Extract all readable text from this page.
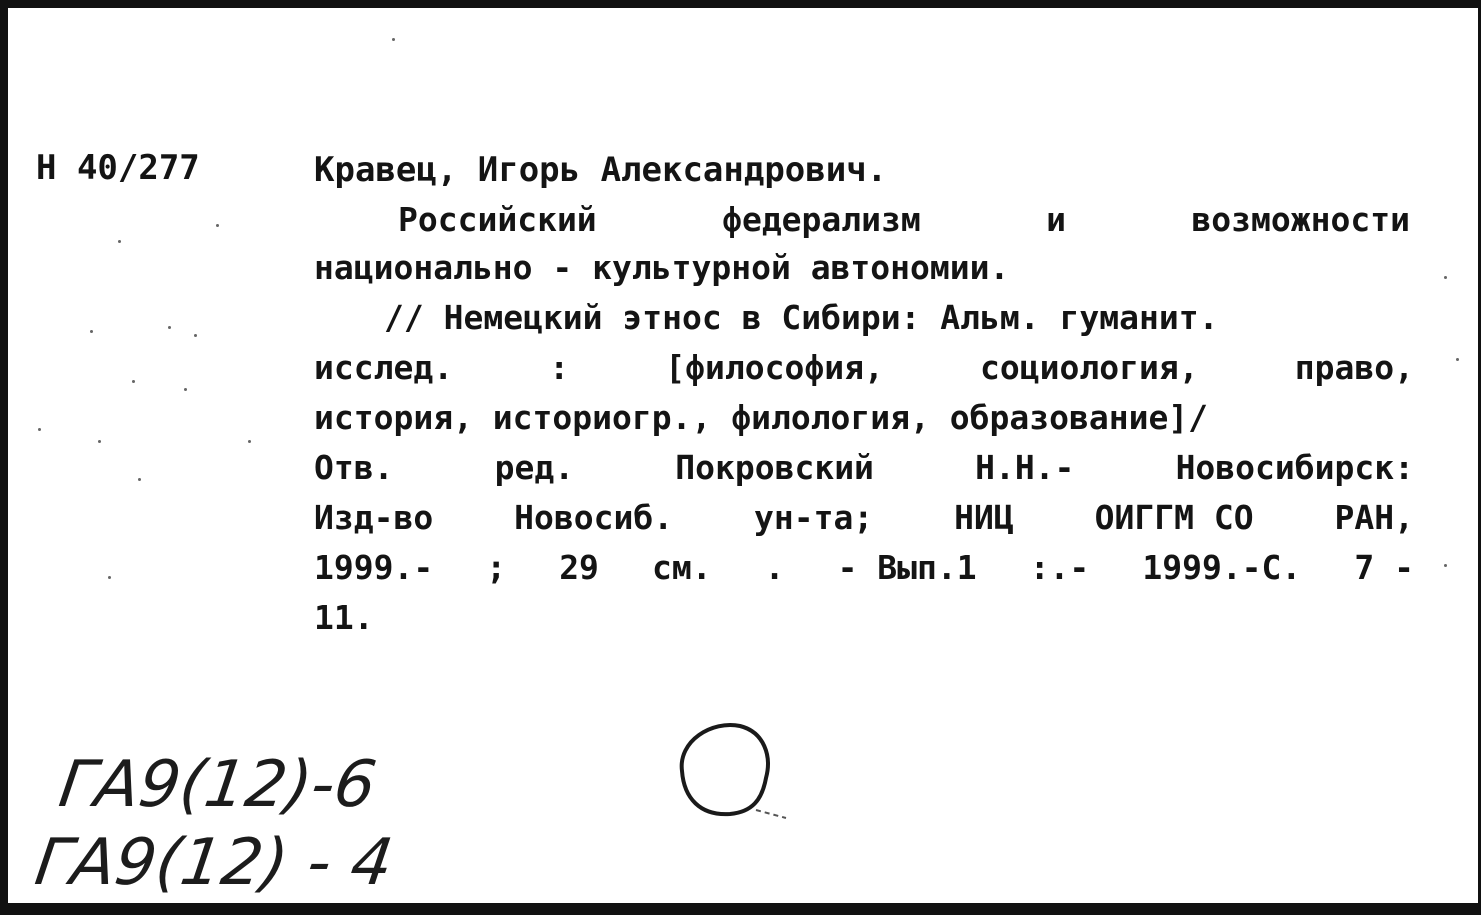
Н 40/277	Кравец, Игорь Александрович.
Российский	федерализм	и	возможности
национально - культурной автономии.
// Немецкий этнос в Сибири: Альм. гуманит.
исслед.	:	[философия,	социология,	право,
история, историогр., филология, образование]/
Отв.	ред.	Покровский	Н.Н.-	Новосибирск:
Изд-во Новосиб. ун-та; НИЦ ОИГГМ СО РАН,
1999.- ; 29 см. . - Вып.1 :.- 1999.-С. 7 -
11.
ГА9(12)-6
ГА9(12) - 4
